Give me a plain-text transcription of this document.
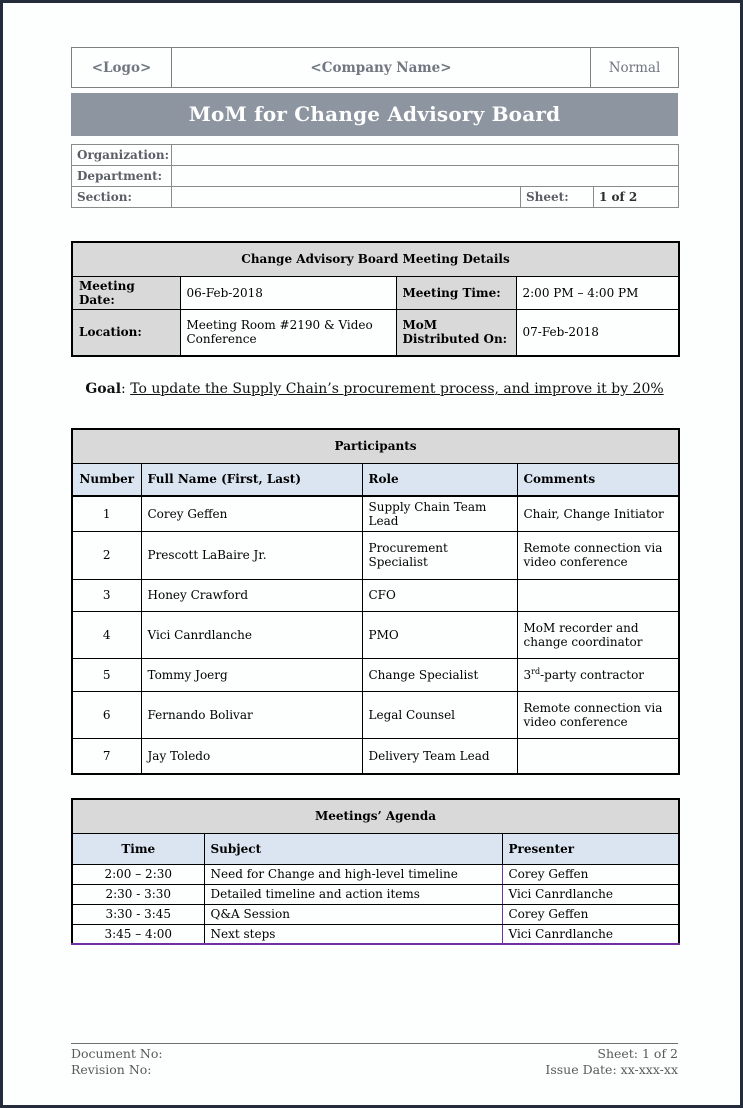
<Logo>	<Company Name>	Normal
MoM for Change Advisory Board
Organization:			
Department:			
Section:		Sheet:	1 of 2
Change Advisory Board Meeting Details			
Meeting Date:	06-Feb-2018	Meeting Time:	2:00 PM – 4:00 PM
Location:	Meeting Room #2190 & Video Conference	MoM Distributed On:	07-Feb-2018
Goal: To update the Supply Chain’s procurement process, and improve it by 20%
Participants			
Number	Full Name (First, Last)	Role	Comments
1	Corey Geffen	Supply Chain Team Lead	Chair, Change Initiator
2	Prescott LaBaire Jr.	Procurement Specialist	Remote connection via video conference
3	Honey Crawford	CFO	
4	Vici Canrdlanche	PMO	MoM recorder and change coordinator
5	Tommy Joerg	Change Specialist	3rd-party contractor
6	Fernando Bolivar	Legal Counsel	Remote connection via video conference
7	Jay Toledo	Delivery Team Lead	
Meetings’ Agenda		
Time	Subject	Presenter
2:00 – 2:30	Need for Change and high-level timeline	Corey Geffen
2:30 - 3:30	Detailed timeline and action items	Vici Canrdlanche
3:30 - 3:45	Q&A Session	Corey Geffen
3:45 – 4:00	Next steps	Vici Canrdlanche
Document No:	Sheet: 1 of 2
Revision No:	Issue Date: xx-xxx-xx
